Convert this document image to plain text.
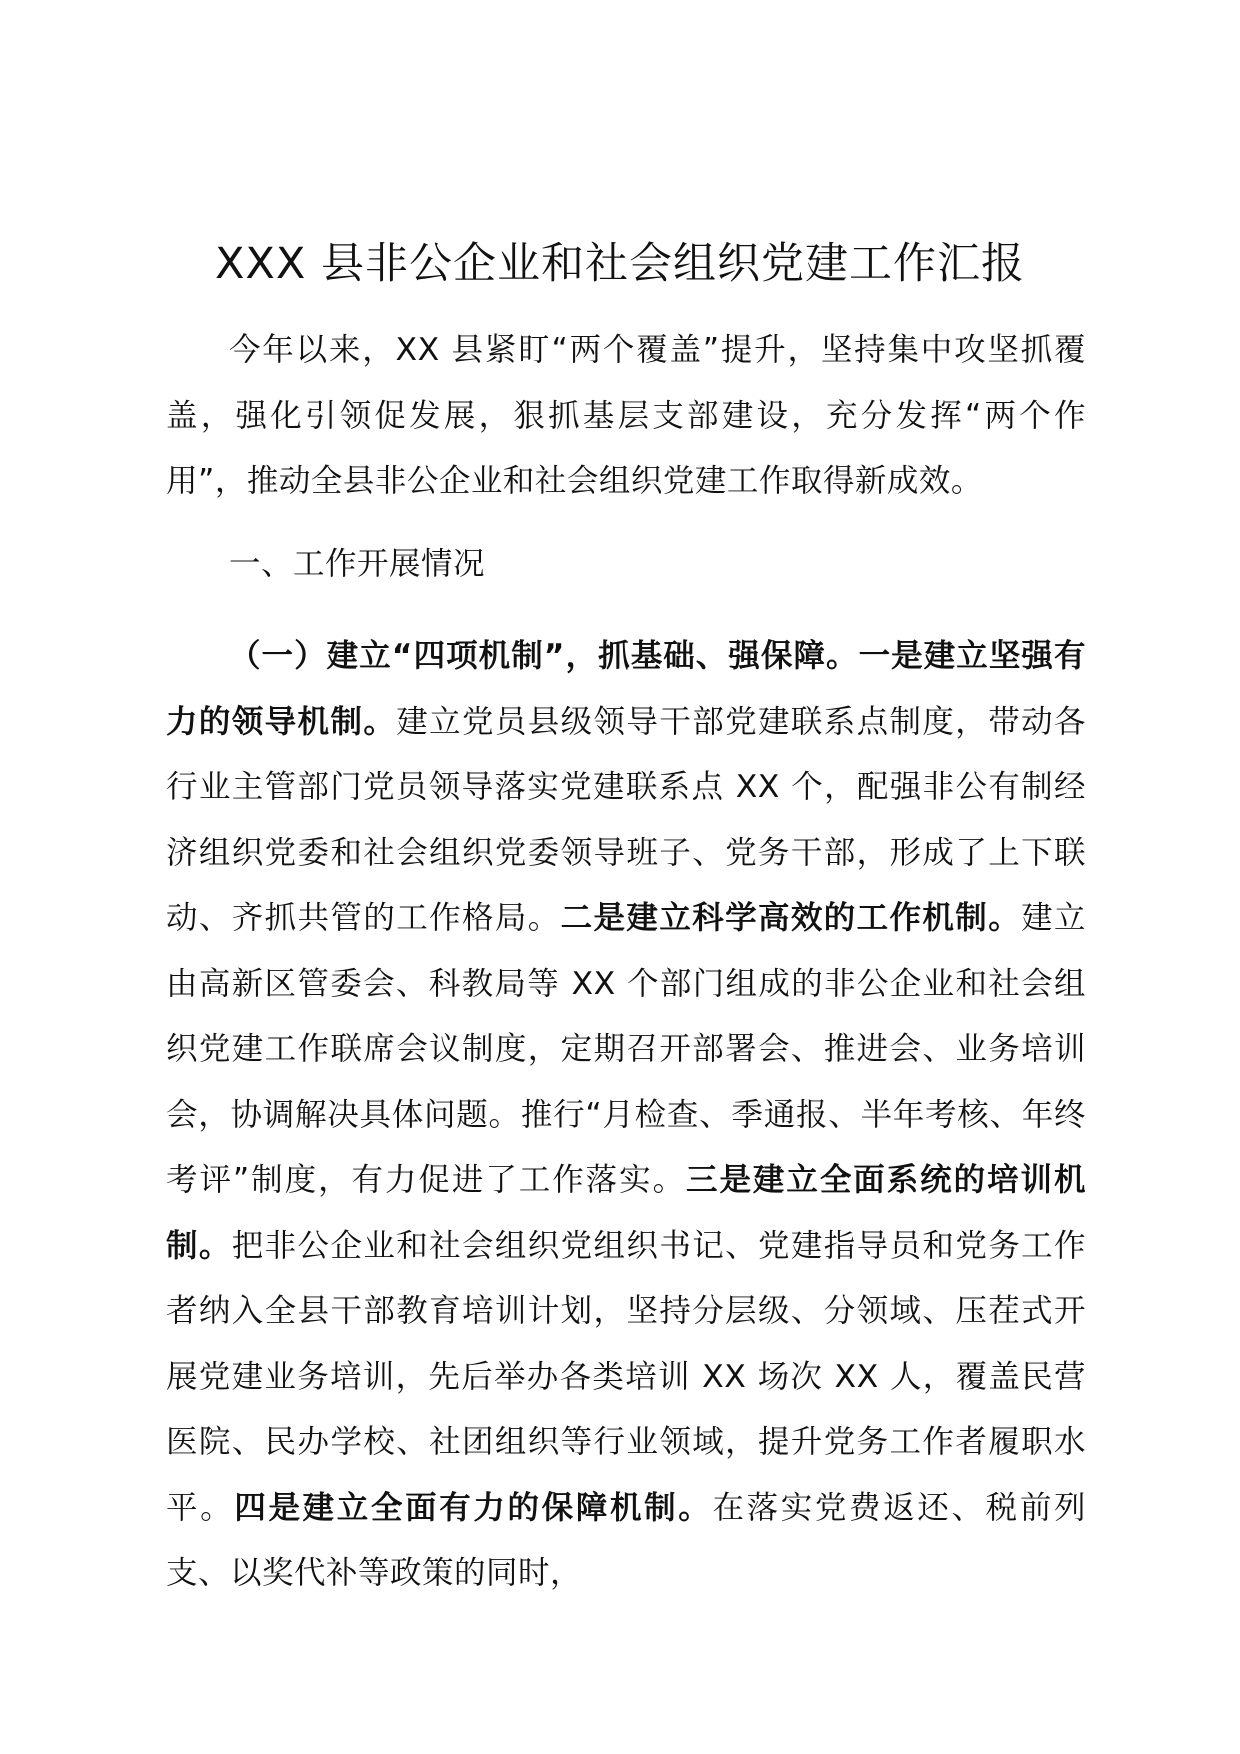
XXX 县非公企业和社会组织党建工作汇报

今年以来，XX 县紧盯“两个覆盖”提升，坚持集中攻坚抓覆盖，强化引领促发展，狠抓基层支部建设，充分发挥“两个作用”，推动全县非公企业和社会组织党建工作取得新成效。

一、工作开展情况

（一）建立“四项机制”，抓基础、强保障。一是建立坚强有力的领导机制。建立党员县级领导干部党建联系点制度，带动各行业主管部门党员领导落实党建联系点 XX 个，配强非公有制经济组织党委和社会组织党委领导班子、党务干部，形成了上下联动、齐抓共管的工作格局。二是建立科学高效的工作机制。建立由高新区管委会、科教局等 XX 个部门组成的非公企业和社会组织党建工作联席会议制度，定期召开部署会、推进会、业务培训会，协调解决具体问题。推行“月检查、季通报、半年考核、年终考评”制度，有力促进了工作落实。三是建立全面系统的培训机制。把非公企业和社会组织党组织书记、党建指导员和党务工作者纳入全县干部教育培训计划，坚持分层级、分领域、压茬式开展党建业务培训，先后举办各类培训 XX 场次 XX 人，覆盖民营医院、民办学校、社团组织等行业领域，提升党务工作者履职水平。四是建立全面有力的保障机制。在落实党费返还、税前列支、以奖代补等政策的同时，
